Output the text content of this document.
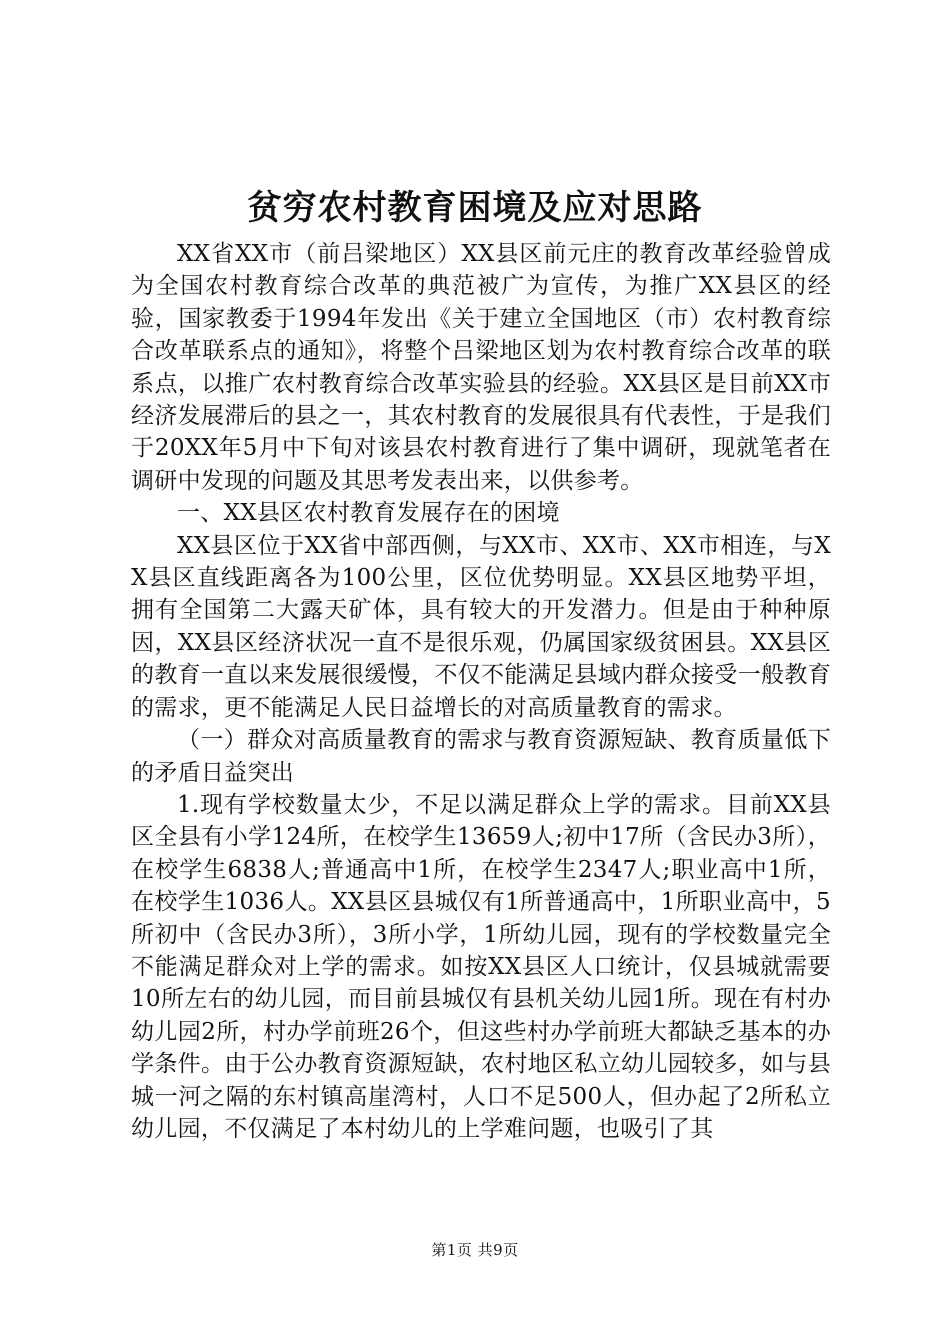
贫穷农村教育困境及应对思路

XX省XX市（前吕梁地区）XX县区前元庄的教育改革经验曾成为全国农村教育综合改革的典范被广为宣传，为推广XX县区的经验，国家教委于1994年发出《关于建立全国地区（市）农村教育综合改革联系点的通知》，将整个吕梁地区划为农村教育综合改革的联系点，以推广农村教育综合改革实验县的经验。XX县区是目前XX市经济发展滞后的县之一，其农村教育的发展很具有代表性，于是我们于20XX年5月中下旬对该县农村教育进行了集中调研，现就笔者在调研中发现的问题及其思考发表出来，以供参考。

一、XX县区农村教育发展存在的困境

XX县区位于XX省中部西侧，与XX市、XX市、XX市相连，与XX县区直线距离各为100公里，区位优势明显。XX县区地势平坦，拥有全国第二大露天矿体，具有较大的开发潜力。但是由于种种原因，XX县区经济状况一直不是很乐观，仍属国家级贫困县。XX县区的教育一直以来发展很缓慢，不仅不能满足县域内群众接受一般教育的需求，更不能满足人民日益增长的对高质量教育的需求。

（一）群众对高质量教育的需求与教育资源短缺、教育质量低下的矛盾日益突出

1.现有学校数量太少，不足以满足群众上学的需求。目前XX县区全县有小学124所，在校学生13659人;初中17所（含民办3所），在校学生6838人;普通高中1所，在校学生2347人;职业高中1所，在校学生1036人。XX县区县城仅有1所普通高中，1所职业高中，5所初中（含民办3所），3所小学，1所幼儿园，现有的学校数量完全不能满足群众对上学的需求。如按XX县区人口统计，仅县城就需要10所左右的幼儿园，而目前县城仅有县机关幼儿园1所。现在有村办幼儿园2所，村办学前班26个，但这些村办学前班大都缺乏基本的办学条件。由于公办教育资源短缺，农村地区私立幼儿园较多，如与县城一河之隔的东村镇高崖湾村，人口不足500人，但办起了2所私立幼儿园，不仅满足了本村幼儿的上学难问题，也吸引了其

第1页 共9页
